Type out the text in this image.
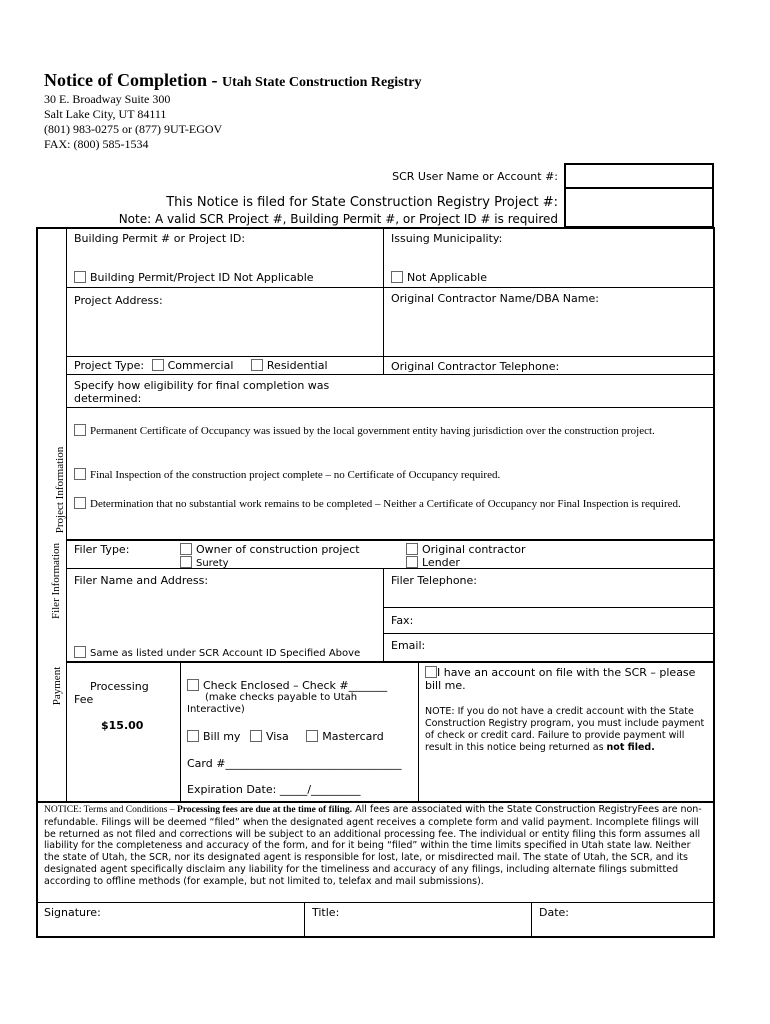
Notice of Completion - Utah State Construction Registry
30 E. Broadway Suite 300
Salt Lake City, UT 84111
(801) 983-0275 or (877) 9UT-EGOV
FAX: (800) 585-1534
SCR User Name or Account #:
This Notice is filed for State Construction Registry Project #:
Note: A valid SCR Project #, Building Permit #, or Project ID # is required
Project Information
Filer Information
Payment
Building Permit # or Project ID:	Issuing Municipality:
Building Permit/Project ID Not Applicable	Not Applicable
Project Address:	Original Contractor Name/DBA Name:
Project Type: Commercial	Residential	Original Contractor Telephone:
Specify how eligibility for final completion was
determined:
Permanent Certificate of Occupancy was issued by the local government entity having jurisdiction over the construction project.
Final Inspection of the construction project complete – no Certificate of Occupancy required.
Determination that no substantial work remains to be completed – Neither a Certificate of Occupancy nor Final Inspection is required.
Filer Type:	Owner of construction project
Surety
Original contractor
Lender
Filer Name and Address:	Filer Telephone:
Fax:
Email:
Same as listed under SCR Account ID Specified Above
Processing
Fee
$15.00
Check Enclosed – Check #_______
(make checks payable to Utah
Interactive)
Bill my Visa	Mastercard
Card #________________________________
Expiration Date: _____/_________
I have an account on file with the SCR – please bill me.
NOTE: If you do not have a credit account with the State Construction Registry program, you must include payment of check or credit card. Failure to provide payment will result in this notice being returned as not filed.
NOTICE: Terms and Conditions – Processing fees are due at the time of filing. All fees are associated with the State Construction RegistryFees are non-refundable. Filings will be deemed “filed” when the designated agent receives a complete form and valid payment. Incomplete filings will be returned as not filed and corrections will be subject to an additional processing fee. The individual or entity filing this form assumes all liability for the completeness and accuracy of the form, and for it being “filed” within the time limits specified in Utah state law. Neither the state of Utah, the SCR, nor its designated agent is responsible for lost, late, or misdirected mail. The state of Utah, the SCR, and its designated agent specifically disclaim any liability for the timeliness and accuracy of any filings, including alternate filings submitted according to offline methods (for example, but not limited to, telefax and mail submissions).
Signature:	Title:	Date:
